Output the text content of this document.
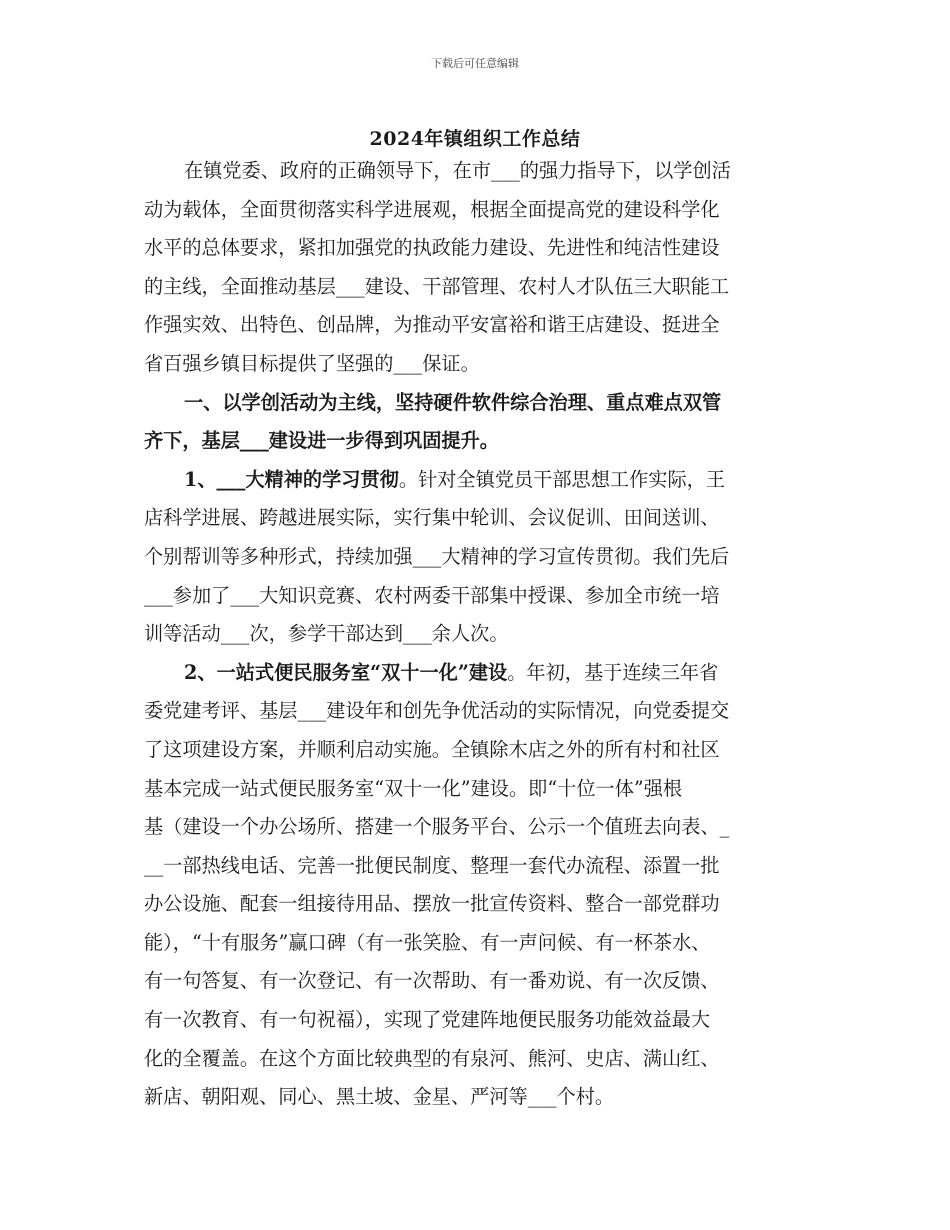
下载后可任意编辑
2024年镇组织工作总结
在镇党委、政府的正确领导下，在市___的强力指导下，以学创活
动为载体，全面贯彻落实科学进展观，根据全面提高党的建设科学化
水平的总体要求，紧扣加强党的执政能力建设、先进性和纯洁性建设
的主线，全面推动基层___建设、干部管理、农村人才队伍三大职能工
作强实效、出特色、创品牌，为推动平安富裕和谐王店建设、挺进全
省百强乡镇目标提供了坚强的___保证。
一、以学创活动为主线，坚持硬件软件综合治理、重点难点双管
齐下，基层___建设进一步得到巩固提升。
1、___大精神的学习贯彻。针对全镇党员干部思想工作实际，王
店科学进展、跨越进展实际，实行集中轮训、会议促训、田间送训、
个别帮训等多种形式，持续加强___大精神的学习宣传贯彻。我们先后
___参加了___大知识竞赛、农村两委干部集中授课、参加全市统一培
训等活动___次，参学干部达到___余人次。
2、一站式便民服务室“双十一化”建设。年初，基于连续三年省
委党建考评、基层___建设年和创先争优活动的实际情况，向党委提交
了这项建设方案，并顺利启动实施。全镇除木店之外的所有村和社区
基本完成一站式便民服务室“双十一化”建设。即“十位一体”强根
基（建设一个办公场所、搭建一个服务平台、公示一个值班去向表、_
__一部热线电话、完善一批便民制度、整理一套代办流程、添置一批
办公设施、配套一组接待用品、摆放一批宣传资料、整合一部党群功
能），“十有服务”赢口碑（有一张笑脸、有一声问候、有一杯茶水、
有一句答复、有一次登记、有一次帮助、有一番劝说、有一次反馈、
有一次教育、有一句祝福），实现了党建阵地便民服务功能效益最大
化的全覆盖。在这个方面比较典型的有泉河、熊河、史店、满山红、
新店、朝阳观、同心、黑土坡、金星、严河等___个村。
